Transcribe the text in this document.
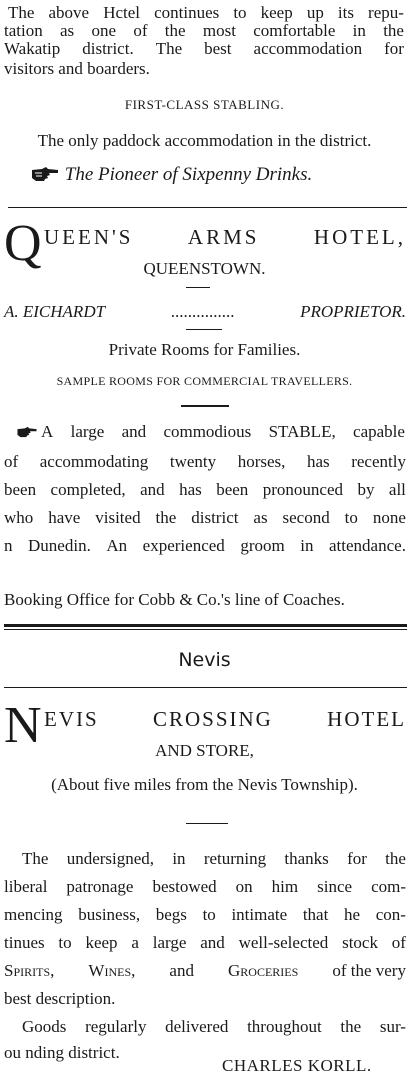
The above Hctel continues to keep up its repu-
tation as one of the most comfortable in the
Wakatip district. The best accommodation for
visitors and boarders.
FIRST-CLASS STABLING.
The only paddock accommodation in the district.
The Pioneer of Sixpenny Drinks.
Q UEEN'S	ARMS	HOTEL,
QUEENSTOWN.
A. EICHARDT	...............	PROPRIETOR.
Private Rooms for Families.
SAMPLE ROOMS FOR COMMERCIAL TRAVELLERS.
A large and commodious STABLE, capable
of accommodating twenty horses, has recently
been completed, and has been pronounced by all
who have visited the district as second to none
n Dunedin. An experienced groom in attendance.
Booking Office for Cobb & Co.'s line of Coaches.
Nevis
N EVIS	CROSSING	HOTEL
AND STORE,
(About five miles from the Nevis Township).
The undersigned, in returning thanks for the
liberal patronage bestowed on him since com-
mencing business, begs to intimate that he con-
tinues to keep a large and well-selected stock of
Spirits, Wines, and Groceries of the very
best description.
Goods regularly delivered throughout the sur-
ou nding district.
CHARLES KORLL.
